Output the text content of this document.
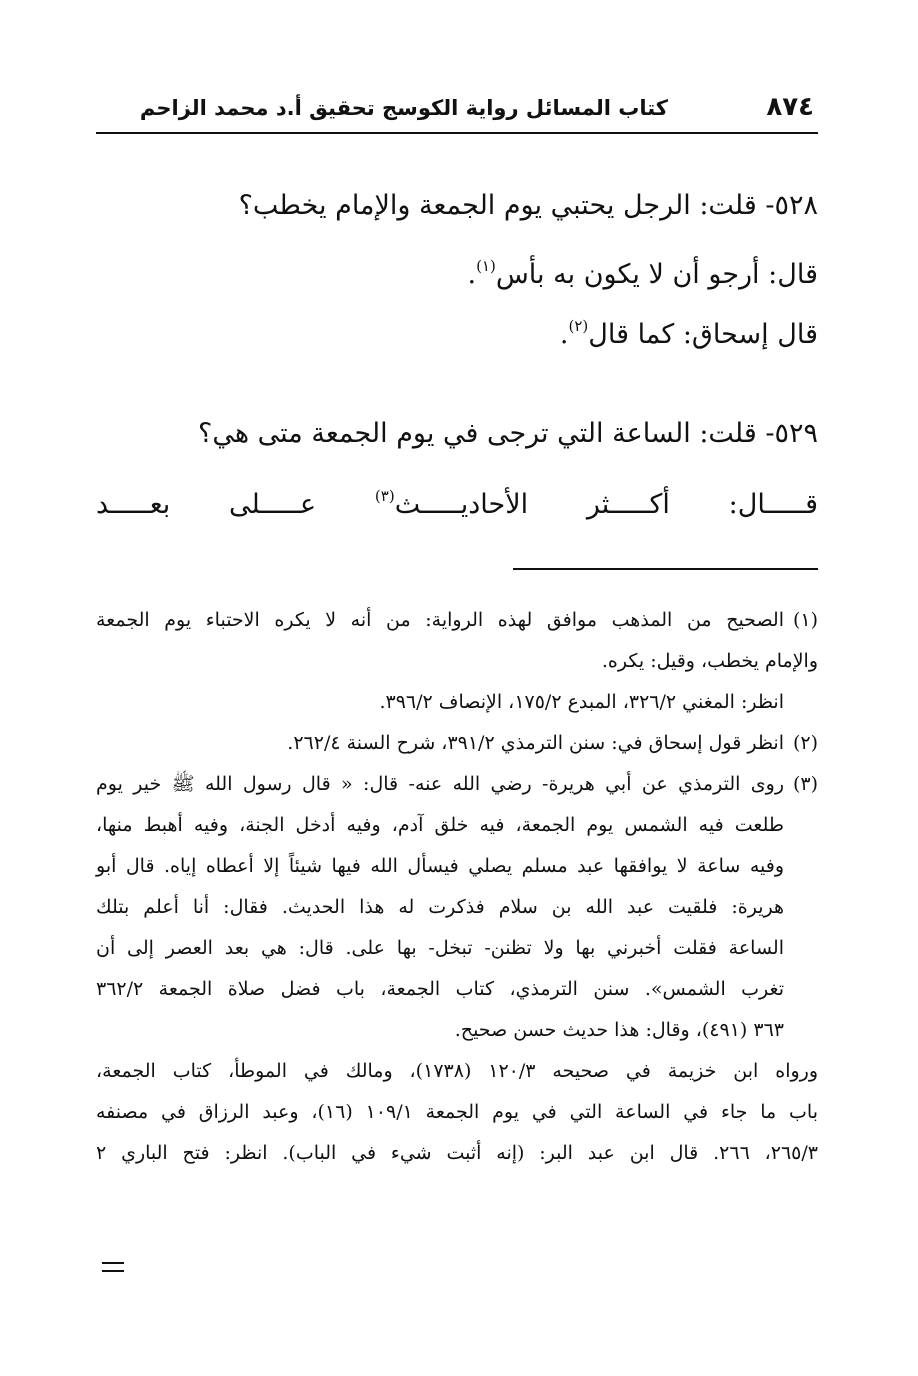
٨٧٤
كتاب المسائل رواية الكوسج تحقيق أ.د محمد الزاحم
٥٢٨- قلت: الرجل يحتبي يوم الجمعة والإمام يخطب؟
قال: أرجو أن لا يكون به بأس$^{(١)}$.
قال إسحاق: كما قال$^{(٢)}$.
٥٢٩- قلت: الساعة التي ترجى في يوم الجمعة متى هي؟
قـــــال: أكـــــثر الأحاديـــــث$^{(٣)}$ عـــــلى بعـــــد
(١)الصحيح من المذهب موافق لهذه الرواية: من أنه لا يكره الاحتباء يوم الجمعة
والإمام يخطب، وقيل: يكره.
انظر: المغني ٣٢٦/٢، المبدع ١٧٥/٢، الإنصاف ٣٩٦/٢.
(٢)انظر قول إسحاق في: سنن الترمذي ٣٩١/٢، شرح السنة ٢٦٢/٤.
(٣)روى الترمذي عن أبي هريرة- رضي الله عنه- قال: « قال رسول الله ﷺ خير يوم
طلعت فيه الشمس يوم الجمعة، فيه خلق آدم، وفيه أدخل الجنة، وفيه أهبط منها،
وفيه ساعة لا يوافقها عبد مسلم يصلي فيسأل الله فيها شيئاً إلا أعطاه إياه. قال أبو
هريرة: فلقيت عبد الله بن سلام فذكرت له هذا الحديث. فقال: أنا أعلم بتلك
الساعة فقلت أخبرني بها ولا تظنن- تبخل- بها على. قال: هي بعد العصر إلى أن
تغرب الشمس». سنن الترمذي، كتاب الجمعة، باب فضل صلاة الجمعة ٣٦٢/٢
٣٦٣ (٤٩١)، وقال: هذا حديث حسن صحيح.
ورواه ابن خزيمة في صحيحه ١٢٠/٣ (١٧٣٨)، ومالك في الموطأ، كتاب الجمعة،
باب ما جاء في الساعة التي في يوم الجمعة ١٠٩/١ (١٦)، وعبد الرزاق في مصنفه
٢٦٥/٣، ٢٦٦. قال ابن عبد البر: (إنه أثبت شيء في الباب). انظر: فتح الباري ٢
